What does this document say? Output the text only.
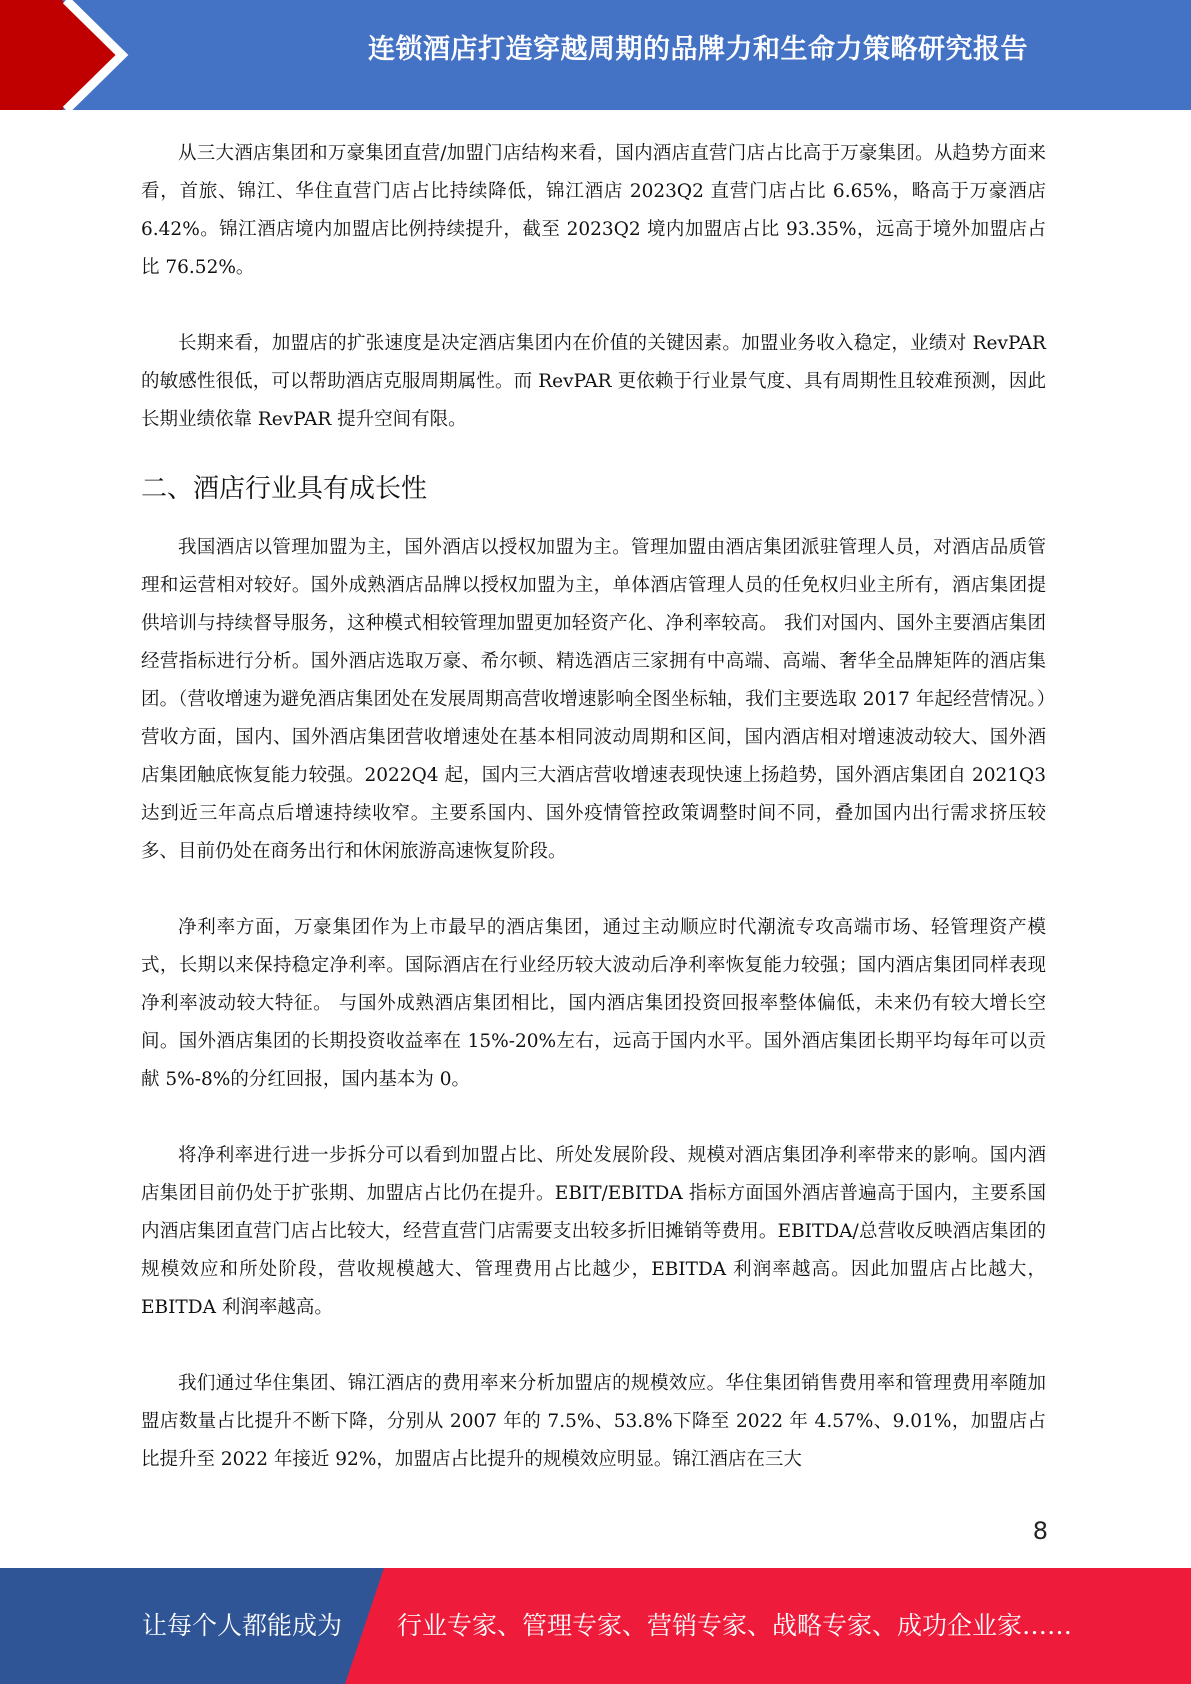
连锁酒店打造穿越周期的品牌力和生命力策略研究报告

从三大酒店集团和万豪集团直营/加盟门店结构来看，国内酒店直营门店占比高于万豪集团。从趋势方面来看，首旅、锦江、华住直营门店占比持续降低，锦江酒店 2023Q2 直营门店占比 6.65%，略高于万豪酒店 6.42%。锦江酒店境内加盟店比例持续提升，截至 2023Q2 境内加盟店占比 93.35%，远高于境外加盟店占比 76.52%。

长期来看，加盟店的扩张速度是决定酒店集团内在价值的关键因素。加盟业务收入稳定，业绩对 RevPAR 的敏感性很低，可以帮助酒店克服周期属性。而 RevPAR 更依赖于行业景气度、具有周期性且较难预测，因此长期业绩依靠 RevPAR 提升空间有限。

二、酒店行业具有成长性

我国酒店以管理加盟为主，国外酒店以授权加盟为主。管理加盟由酒店集团派驻管理人员，对酒店品质管理和运营相对较好。国外成熟酒店品牌以授权加盟为主，单体酒店管理人员的任免权归业主所有，酒店集团提供培训与持续督导服务，这种模式相较管理加盟更加轻资产化、净利率较高。 我们对国内、国外主要酒店集团经营指标进行分析。国外酒店选取万豪、希尔顿、精选酒店三家拥有中高端、高端、奢华全品牌矩阵的酒店集团。（营收增速为避免酒店集团处在发展周期高营收增速影响全图坐标轴，我们主要选取 2017 年起经营情况。）营收方面，国内、国外酒店集团营收增速处在基本相同波动周期和区间，国内酒店相对增速波动较大、国外酒店集团触底恢复能力较强。2022Q4 起，国内三大酒店营收增速表现快速上扬趋势，国外酒店集团自 2021Q3 达到近三年高点后增速持续收窄。主要系国内、国外疫情管控政策调整时间不同，叠加国内出行需求挤压较多、目前仍处在商务出行和休闲旅游高速恢复阶段。

净利率方面，万豪集团作为上市最早的酒店集团，通过主动顺应时代潮流专攻高端市场、轻管理资产模式，长期以来保持稳定净利率。国际酒店在行业经历较大波动后净利率恢复能力较强；国内酒店集团同样表现净利率波动较大特征。 与国外成熟酒店集团相比，国内酒店集团投资回报率整体偏低，未来仍有较大增长空间。国外酒店集团的长期投资收益率在 15%-20%左右，远高于国内水平。国外酒店集团长期平均每年可以贡献 5%-8%的分红回报，国内基本为 0。

将净利率进行进一步拆分可以看到加盟占比、所处发展阶段、规模对酒店集团净利率带来的影响。国内酒店集团目前仍处于扩张期、加盟店占比仍在提升。EBIT/EBITDA 指标方面国外酒店普遍高于国内，主要系国内酒店集团直营门店占比较大，经营直营门店需要支出较多折旧摊销等费用。EBITDA/总营收反映酒店集团的规模效应和所处阶段，营收规模越大、管理费用占比越少，EBITDA 利润率越高。因此加盟店占比越大，EBITDA 利润率越高。

我们通过华住集团、锦江酒店的费用率来分析加盟店的规模效应。华住集团销售费用率和管理费用率随加盟店数量占比提升不断下降，分别从 2007 年的 7.5%、53.8%下降至 2022 年 4.57%、9.01%，加盟店占比提升至 2022 年接近 92%，加盟店占比提升的规模效应明显。锦江酒店在三大

8
让每个人都能成为 行业专家、管理专家、营销专家、战略专家、成功企业家……
